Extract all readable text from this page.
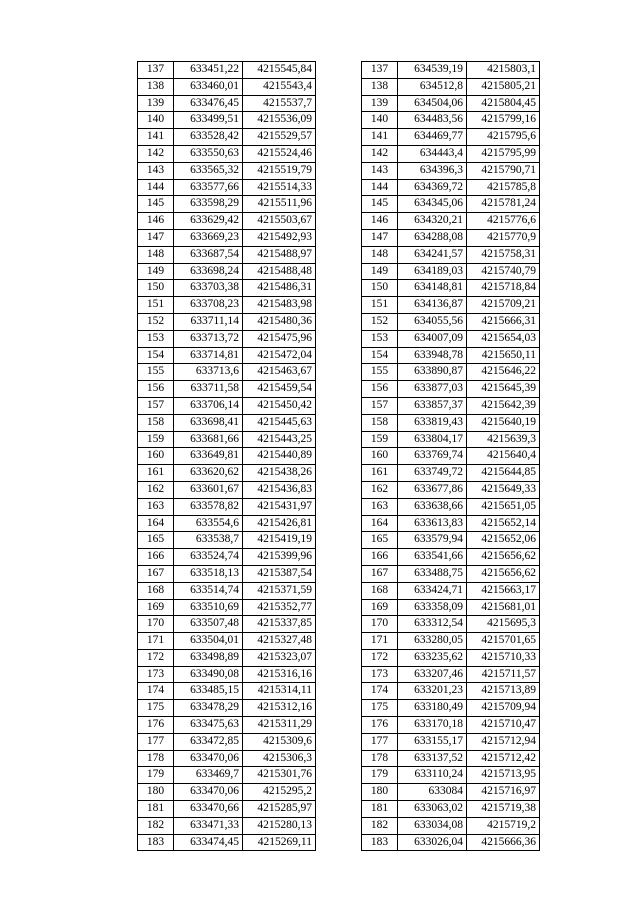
137	633451,22	4215545,84
138	633460,01	4215543,4
139	633476,45	4215537,7
140	633499,51	4215536,09
141	633528,42	4215529,57
142	633550,63	4215524,46
143	633565,32	4215519,79
144	633577,66	4215514,33
145	633598,29	4215511,96
146	633629,42	4215503,67
147	633669,23	4215492,93
148	633687,54	4215488,97
149	633698,24	4215488,48
150	633703,38	4215486,31
151	633708,23	4215483,98
152	633711,14	4215480,36
153	633713,72	4215475,96
154	633714,81	4215472,04
155	633713,6	4215463,67
156	633711,58	4215459,54
157	633706,14	4215450,42
158	633698,41	4215445,63
159	633681,66	4215443,25
160	633649,81	4215440,89
161	633620,62	4215438,26
162	633601,67	4215436,83
163	633578,82	4215431,97
164	633554,6	4215426,81
165	633538,7	4215419,19
166	633524,74	4215399,96
167	633518,13	4215387,54
168	633514,74	4215371,59
169	633510,69	4215352,77
170	633507,48	4215337,85
171	633504,01	4215327,48
172	633498,89	4215323,07
173	633490,08	4215316,16
174	633485,15	4215314,11
175	633478,29	4215312,16
176	633475,63	4215311,29
177	633472,85	4215309,6
178	633470,06	4215306,3
179	633469,7	4215301,76
180	633470,06	4215295,2
181	633470,66	4215285,97
182	633471,33	4215280,13
183	633474,45	4215269,11
137	634539,19	4215803,1
138	634512,8	4215805,21
139	634504,06	4215804,45
140	634483,56	4215799,16
141	634469,77	4215795,6
142	634443,4	4215795,99
143	634396,3	4215790,71
144	634369,72	4215785,8
145	634345,06	4215781,24
146	634320,21	4215776,6
147	634288,08	4215770,9
148	634241,57	4215758,31
149	634189,03	4215740,79
150	634148,81	4215718,84
151	634136,87	4215709,21
152	634055,56	4215666,31
153	634007,09	4215654,03
154	633948,78	4215650,11
155	633890,87	4215646,22
156	633877,03	4215645,39
157	633857,37	4215642,39
158	633819,43	4215640,19
159	633804,17	4215639,3
160	633769,74	4215640,4
161	633749,72	4215644,85
162	633677,86	4215649,33
163	633638,66	4215651,05
164	633613,83	4215652,14
165	633579,94	4215652,06
166	633541,66	4215656,62
167	633488,75	4215656,62
168	633424,71	4215663,17
169	633358,09	4215681,01
170	633312,54	4215695,3
171	633280,05	4215701,65
172	633235,62	4215710,33
173	633207,46	4215711,57
174	633201,23	4215713,89
175	633180,49	4215709,94
176	633170,18	4215710,47
177	633155,17	4215712,94
178	633137,52	4215712,42
179	633110,24	4215713,95
180	633084	4215716,97
181	633063,02	4215719,38
182	633034,08	4215719,2
183	633026,04	4215666,36
